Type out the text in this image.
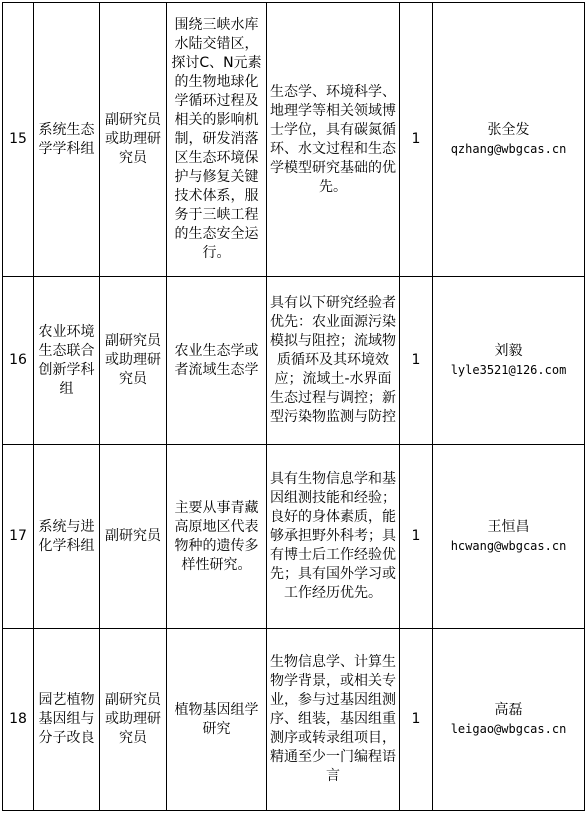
15	系统生态学学科组	副研究员或助理研究员	围绕三峡水库水陆交错区，探讨C、N元素的生物地球化学循环过程及相关的影响机制，研发消落区生态环境保护与修复关键技术体系，服务于三峡工程的生态安全运行。	生态学、环境科学、地理学等相关领域博士学位，具有碳氮循环、水文过程和生态学模型研究基础的优先。	1	张全发
qzhang@wbgcas.cn

16	农业环境生态联合创新学科组	副研究员或助理研究员	农业生态学或者流域生态学	具有以下研究经验者优先：农业面源污染模拟与阻控；流域物质循环及其环境效应；流域土-水界面生态过程与调控；新型污染物监测与防控	1	刘毅
lyle3521@126.com

17	系统与进化学科组	副研究员	主要从事青藏高原地区代表物种的遗传多样性研究。	具有生物信息学和基因组测技能和经验；良好的身体素质，能够承担野外科考；具有博士后工作经验优先；具有国外学习或工作经历优先。	1	王恒昌
hcwang@wbgcas.cn

18	园艺植物基因组与分子改良	副研究员或助理研究员	植物基因组学研究	生物信息学、计算生物学背景，或相关专业，参与过基因组测序、组装，基因组重测序或转录组项目，精通至少一门编程语言	1	高磊
leigao@wbgcas.cn
